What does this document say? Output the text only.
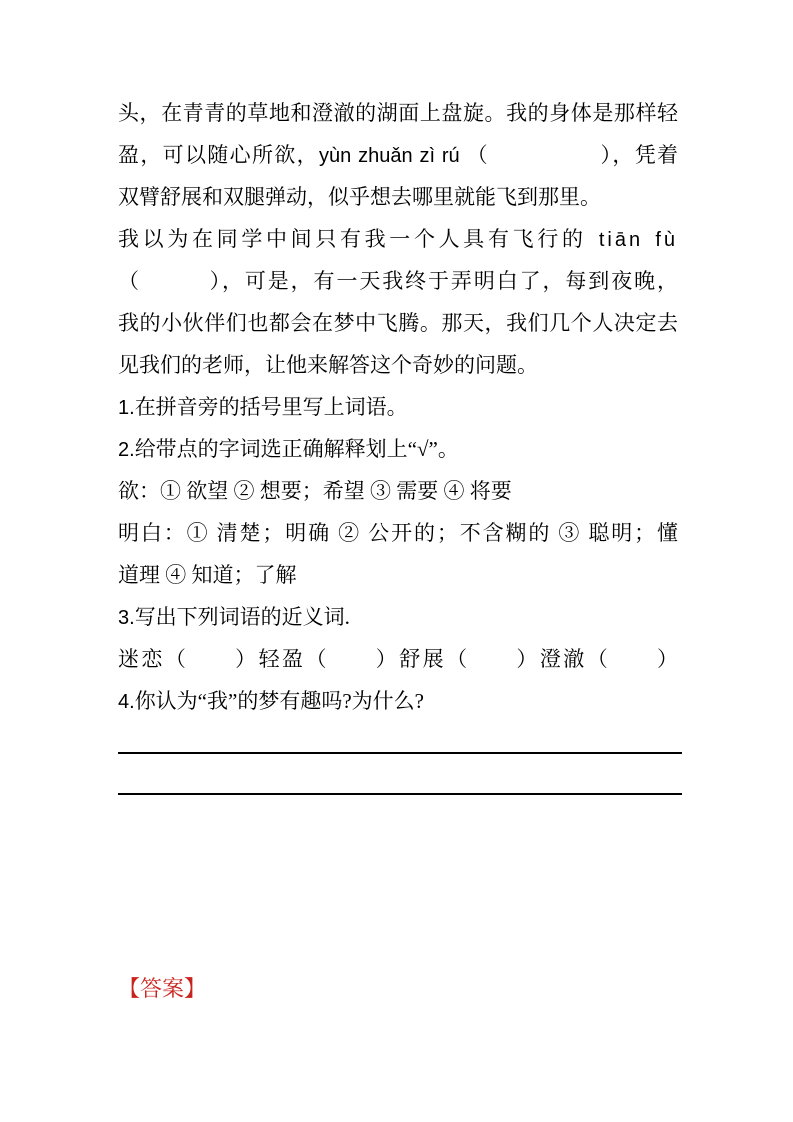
头，在青青的草地和澄澈的湖面上盘旋。我的身体是那样轻
盈，可以随心所欲，yùn zhuǎn zì rú （　　　　　），凭着
双臂舒展和双腿弹动，似乎想去哪里就能飞到那里。
我以为在同学中间只有我一个人具有飞行的 tiān fù
（　　　），可是，有一天我终于弄明白了，每到夜晚，
我的小伙伴们也都会在梦中飞腾。那天，我们几个人决定去
见我们的老师，让他来解答这个奇妙的问题。
1.在拼音旁的括号里写上词语。
2.给带点的字词选正确解释划上“√”。
欲：① 欲望 ② 想要；希望 ③ 需要 ④ 将要
明白：① 清楚；明确 ② 公开的；不含糊的 ③ 聪明；懂
道理 ④ 知道；了解
3.写出下列词语的近义词.
迷恋（　　）轻盈（　　）舒展（　　）澄澈（　　）
4.你认为“我”的梦有趣吗?为什么?
【答案】
